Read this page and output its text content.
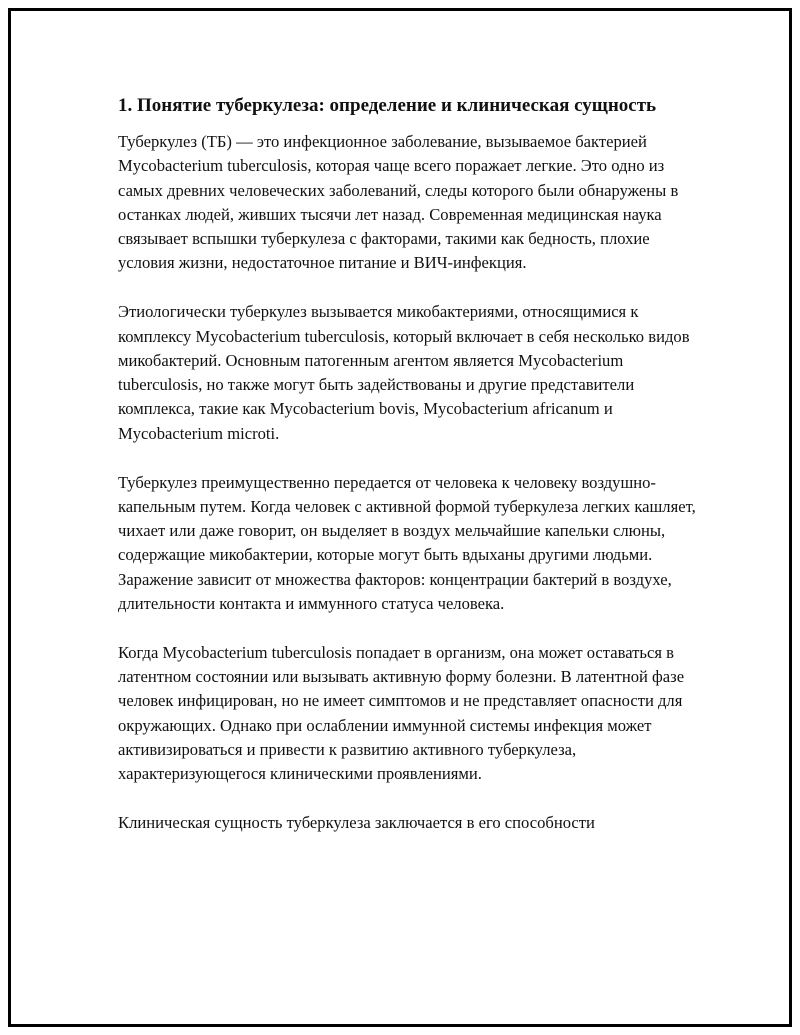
1. Понятие туберкулеза: определение и клиническая сущность

Туберкулез (ТБ) — это инфекционное заболевание, вызываемое бактерией Mycobacterium tuberculosis, которая чаще всего поражает легкие. Это одно из самых древних человеческих заболеваний, следы которого были обнаружены в останках людей, живших тысячи лет назад. Современная медицинская наука связывает вспышки туберкулеза с факторами, такими как бедность, плохие условия жизни, недостаточное питание и ВИЧ-инфекция.

Этиологически туберкулез вызывается микобактериями, относящимися к комплексу Mycobacterium tuberculosis, который включает в себя несколько видов микобактерий. Основным патогенным агентом является Mycobacterium tuberculosis, но также могут быть задействованы и другие представители комплекса, такие как Mycobacterium bovis, Mycobacterium africanum и Mycobacterium microti.

Туберкулез преимущественно передается от человека к человеку воздушно-капельным путем. Когда человек с активной формой туберкулеза легких кашляет, чихает или даже говорит, он выделяет в воздух мельчайшие капельки слюны, содержащие микобактерии, которые могут быть вдыханы другими людьми. Заражение зависит от множества факторов: концентрации бактерий в воздухе, длительности контакта и иммунного статуса человека.

Когда Mycobacterium tuberculosis попадает в организм, она может оставаться в латентном состоянии или вызывать активную форму болезни. В латентной фазе человек инфицирован, но не имеет симптомов и не представляет опасности для окружающих. Однако при ослаблении иммунной системы инфекция может активизироваться и привести к развитию активного туберкулеза, характеризующегося клиническими проявлениями.

Клиническая сущность туберкулеза заключается в его способности
